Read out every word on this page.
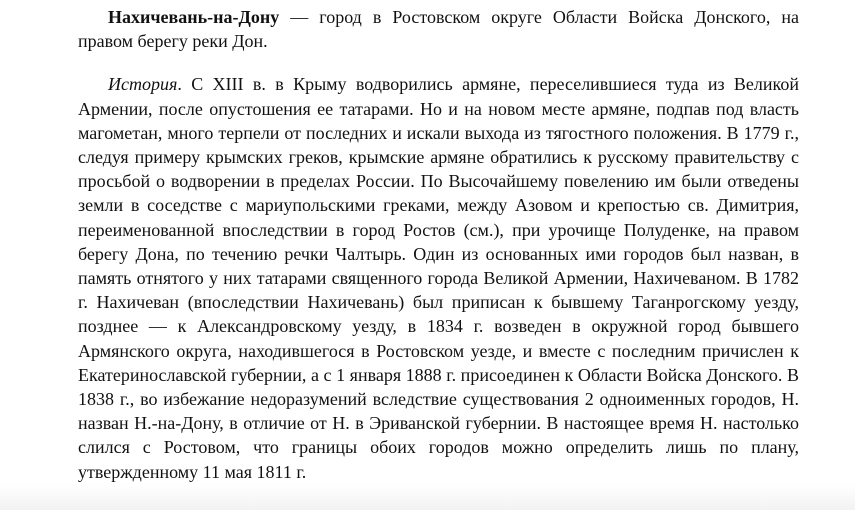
Нахичевань-на-Дону — город в Ростовском округе Области Войска Донского, на правом берегу реки Дон.

История. С XIII в. в Крыму водворились армяне, переселившиеся туда из Великой Армении, после опустошения ее татарами. Но и на новом месте армяне, подпав под власть магометан, много терпели от последних и искали выхода из тягостного положения. В 1779 г., следуя примеру крымских греков, крымские армяне обратились к русскому правительству с просьбой о водворении в пределах России. По Высочайшему повелению им были отведены земли в соседстве с мариупольскими греками, между Азовом и крепостью св. Димитрия, переименованной впоследствии в город Ростов (см.), при урочище Полуденке, на правом берегу Дона, по течению речки Чалтырь. Один из основанных ими городов был назван, в память отнятого у них татарами священного города Великой Армении, Нахичеваном. В 1782 г. Нахичеван (впоследствии Нахичевань) был приписан к бывшему Таганрогскому уезду, позднее — к Александровскому уезду, в 1834 г. возведен в окружной город бывшего Армянского округа, находившегося в Ростовском уезде, и вместе с последним причислен к Екатеринославской губернии, а с 1 января 1888 г. присоединен к Области Войска Донского. В 1838 г., во избежание недоразумений вследствие существования 2 одноименных городов, Н. назван Н.-на-Дону, в отличие от Н. в Эриванской губернии. В настоящее время Н. настолько слился с Ростовом, что границы обоих городов можно определить лишь по плану, утвержденному 11 мая 1811 г.
